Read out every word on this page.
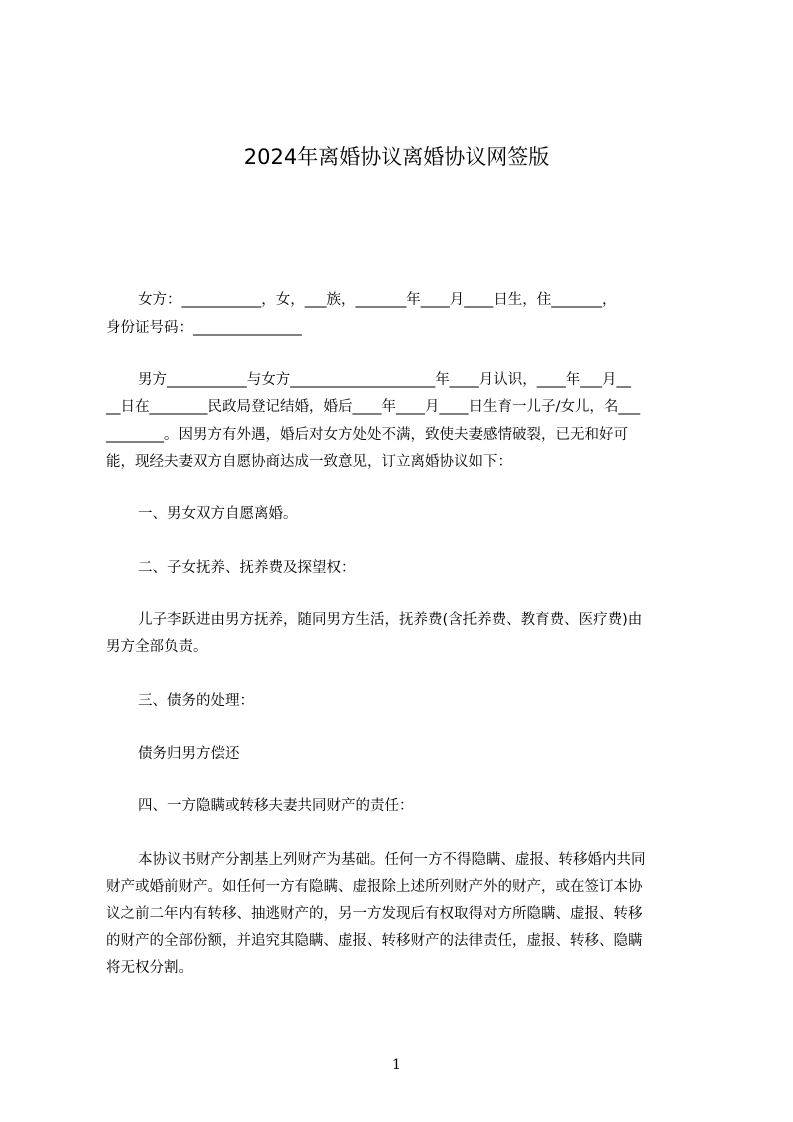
2024年离婚协议离婚协议网签版
女方：___________，女，___族，_______年____月____日生，住_______，
身份证号码：_______________
男方___________与女方____________________年____月认识，____年___月__
__日在________民政局登记结婚，婚后____年____月____日生育一儿子/女儿，名___
________。因男方有外遇，婚后对女方处处不满，致使夫妻感情破裂，已无和好可
能，现经夫妻双方自愿协商达成一致意见，订立离婚协议如下：
一、男女双方自愿离婚。
二、子女抚养、抚养费及探望权：
儿子李跃进由男方抚养，随同男方生活，抚养费(含托养费、教育费、医疗费)由
男方全部负责。
三、债务的处理：
债务归男方偿还
四、一方隐瞒或转移夫妻共同财产的责任：
本协议书财产分割基上列财产为基础。任何一方不得隐瞒、虚报、转移婚内共同
财产或婚前财产。如任何一方有隐瞒、虚报除上述所列财产外的财产，或在签订本协
议之前二年内有转移、抽逃财产的，另一方发现后有权取得对方所隐瞒、虚报、转移
的财产的全部份额，并追究其隐瞒、虚报、转移财产的法律责任，虚报、转移、隐瞒
将无权分割。
1
